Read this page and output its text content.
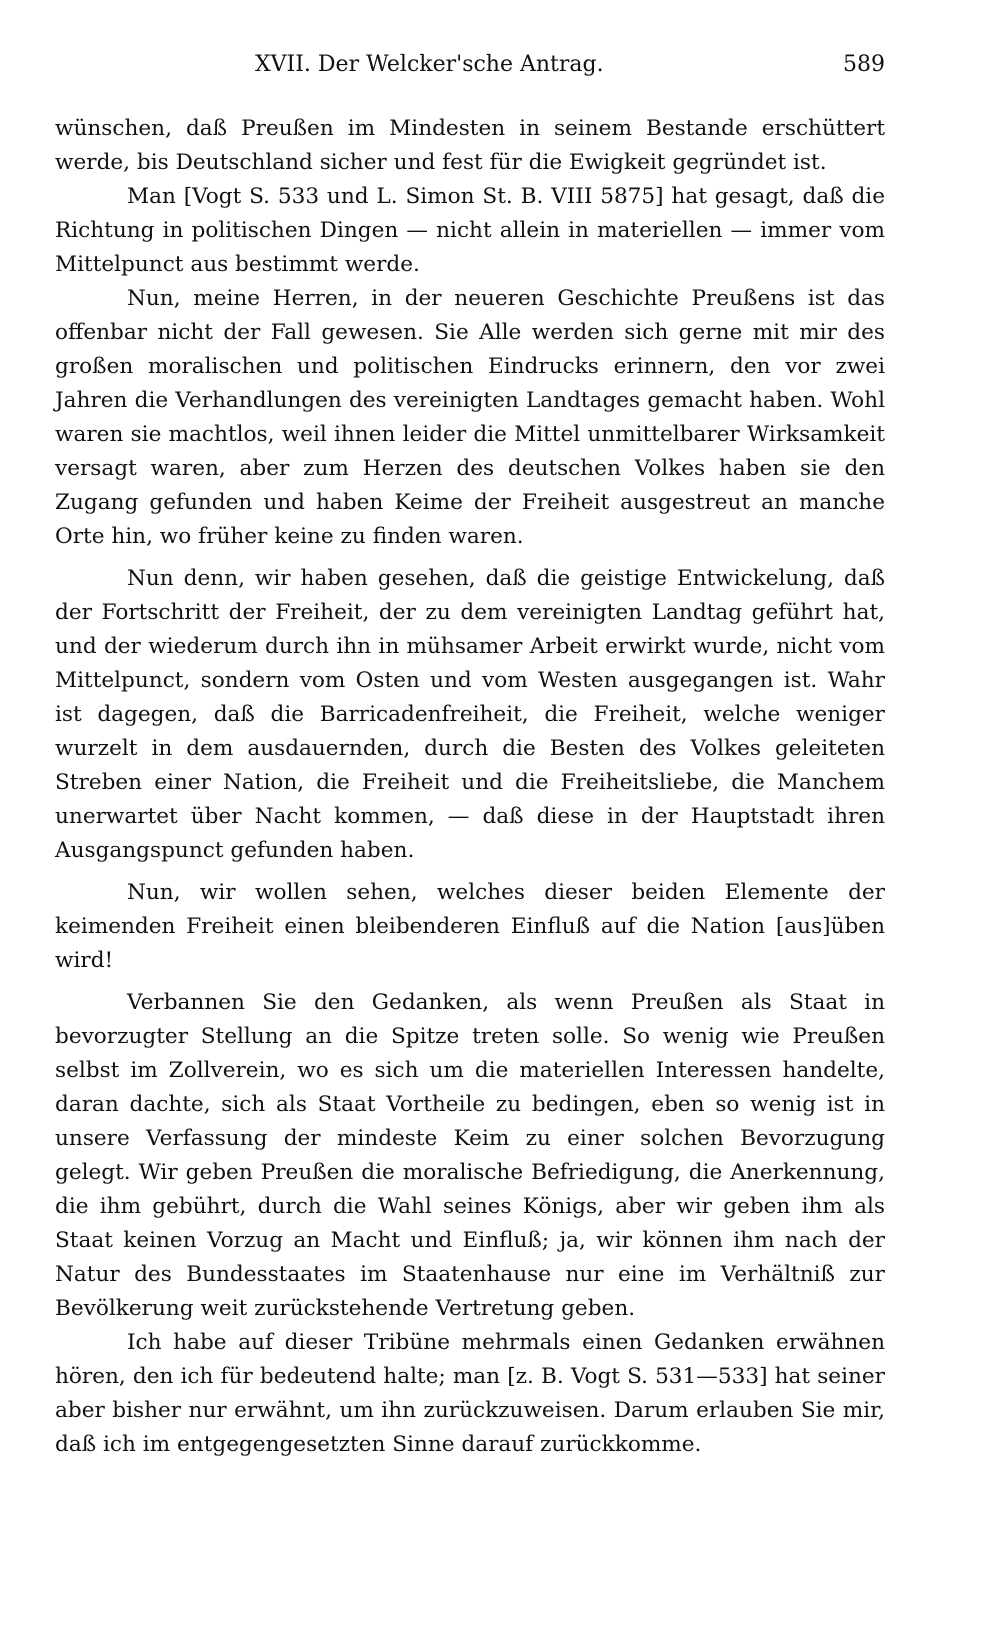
XVII. Der Welcker'sche Antrag.	589

wünschen, daß Preußen im Mindesten in seinem Bestande erschüttert werde, bis Deutschland sicher und fest für die Ewigkeit gegründet ist.

Man [Vogt S. 533 und L. Simon St. B. VIII 5875] hat gesagt, daß die Richtung in politischen Dingen — nicht allein in materiellen — immer vom Mittelpunct aus bestimmt werde.

Nun, meine Herren, in der neueren Geschichte Preußens ist das offenbar nicht der Fall gewesen. Sie Alle werden sich gerne mit mir des großen moralischen und politischen Eindrucks erinnern, den vor zwei Jahren die Verhandlungen des vereinigten Landtages gemacht haben. Wohl waren sie machtlos, weil ihnen leider die Mittel unmittelbarer Wirksamkeit versagt waren, aber zum Herzen des deutschen Volkes haben sie den Zugang gefunden und haben Keime der Freiheit ausgestreut an manche Orte hin, wo früher keine zu finden waren.

Nun denn, wir haben gesehen, daß die geistige Entwickelung, daß der Fortschritt der Freiheit, der zu dem vereinigten Landtag geführt hat, und der wiederum durch ihn in mühsamer Arbeit erwirkt wurde, nicht vom Mittelpunct, sondern vom Osten und vom Westen ausgegangen ist. Wahr ist dagegen, daß die Barricadenfreiheit, die Freiheit, welche weniger wurzelt in dem ausdauernden, durch die Besten des Volkes geleiteten Streben einer Nation, die Freiheit und die Freiheitsliebe, die Manchem unerwartet über Nacht kommen, — daß diese in der Hauptstadt ihren Ausgangspunct gefunden haben.

Nun, wir wollen sehen, welches dieser beiden Elemente der keimenden Freiheit einen bleibenderen Einfluß auf die Nation [aus]üben wird!

Verbannen Sie den Gedanken, als wenn Preußen als Staat in bevorzugter Stellung an die Spitze treten solle. So wenig wie Preußen selbst im Zollverein, wo es sich um die materiellen Interessen handelte, daran dachte, sich als Staat Vortheile zu bedingen, eben so wenig ist in unsere Verfassung der mindeste Keim zu einer solchen Bevorzugung gelegt. Wir geben Preußen die moralische Befriedigung, die Anerkennung, die ihm gebührt, durch die Wahl seines Königs, aber wir geben ihm als Staat keinen Vorzug an Macht und Einfluß; ja, wir können ihm nach der Natur des Bundesstaates im Staatenhause nur eine im Verhältniß zur Bevölkerung weit zurückstehende Vertretung geben.

Ich habe auf dieser Tribüne mehrmals einen Gedanken erwähnen hören, den ich für bedeutend halte; man [z. B. Vogt S. 531—533] hat seiner aber bisher nur erwähnt, um ihn zurückzuweisen. Darum erlauben Sie mir, daß ich im entgegengesetzten Sinne darauf zurückkomme.
